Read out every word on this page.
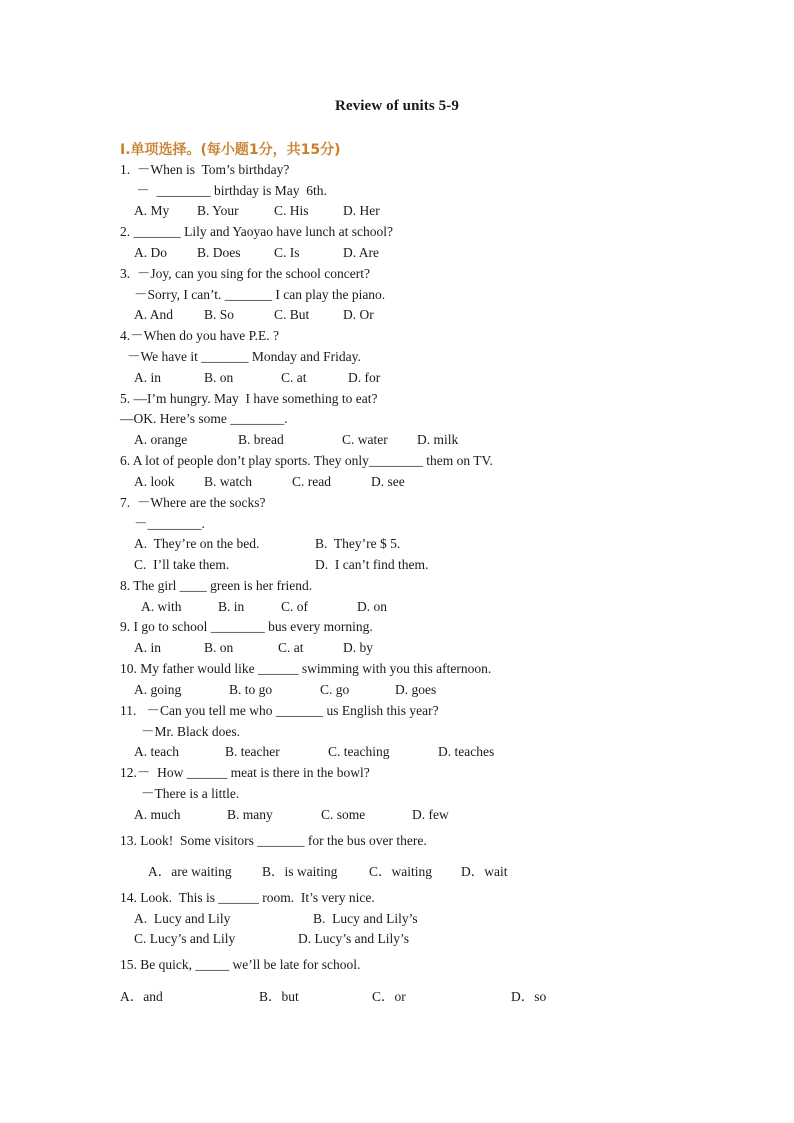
Review of units 5-9
Ⅰ.单项选择。(每小题1分，共15分)
1.  －When is  Tom’s birthday?
－  ________ birthday is May  6th.
A. My B. Your	C. His	D. Her
2. _______ Lily and Yaoyao have lunch at school?
A. Do B. Does C. Is	D. Are
3.  －Joy, can you sing for the school concert?
－Sorry, I can’t. _______ I can play the piano.
A. And B. So	C. But D. Or
4.－When do you have P.E. ?
－We have it _______ Monday and Friday.
A. in	B. on	C. at	D. for
5. —I’m hungry. May  I have something to eat?
—OK. Here’s some ________.
A. orange	B. bread	C. water D. milk
6. A lot of people don’t play sports. They only________ them on TV.
A. look B. watch	C. read	D. see
7.  －Where are the socks?
－________.
A.  They’re on the bed.	B.  They’re $ 5.
C.  I’ll take them.	D.  I can’t find them.
8. The girl ____ green is her friend.
A. with	B. in	C. of	D. on
9. I go to school ________ bus every morning.
A. in	B. on	C. at	D. by
10. My father would like ______ swimming with you this afternoon.
A. going	B. to go	C. go	D. goes
11.   －Can you tell me who _______ us English this year?
－Mr. Black does.
A. teach	B. teacher	C. teaching	D. teaches
12.－  How ______ meat is there in the bowl?
－There is a little.
A. much	B. many	C. some	D. few
13. Look!  Some visitors _______ for the bus over there.
A．are waiting B．is waiting C．waiting D．wait
14. Look.  This is ______ room.  It’s very nice.
A.  Lucy and Lily	B.  Lucy and Lily’s
C. Lucy’s and Lily	D. Lucy’s and Lily’s
15. Be quick, _____ we’ll be late for school.
A．and	B．but	C．or	D．so
